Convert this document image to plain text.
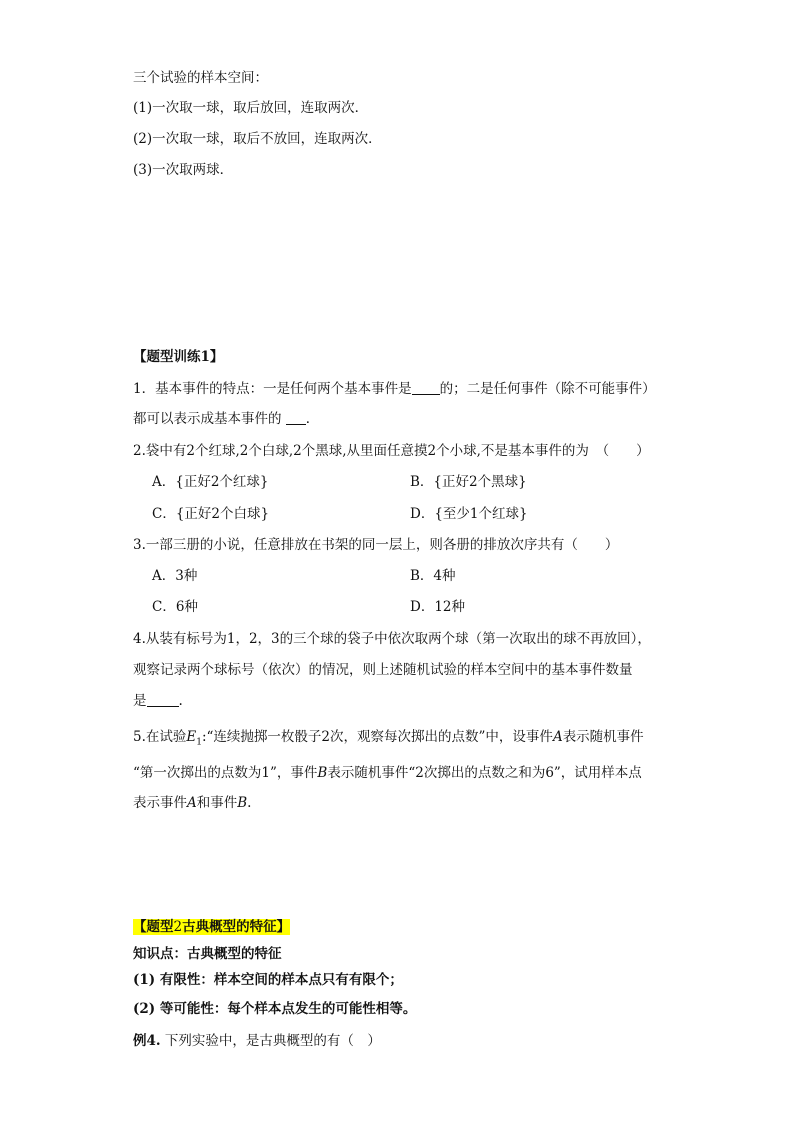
三个试验的样本空间：
(1)一次取一球，取后放回，连取两次．
(2)一次取一球，取后不放回，连取两次．
(3)一次取两球．
【题型训练1】
1．基本事件的特点：一是任何两个基本事件是 的；二是任何事件（除不可能事件）
都可以表示成基本事件的 ．
2.袋中有2个红球,2个白球,2个黑球,从里面任意摸2个小球,不是基本事件的为　（　　）
A．{正好2个红球}	B．{正好2个黑球}
C．{正好2个白球}	D．{至少1个红球}
3.一部三册的小说，任意排放在书架的同一层上，则各册的排放次序共有（　　）
A．3种	B．4种
C．6种	D．12种
4.从装有标号为1，2，3的三个球的袋子中依次取两个球（第一次取出的球不再放回），
观察记录两个球标号（依次）的情况，则上述随机试验的样本空间中的基本事件数量
是 .
5.在试验$E_1:“$连续抛掷一枚骰子2次，观察每次掷出的点数”中，设事件A表示随机事件
“第一次掷出的点数为1”，事件B表示随机事件“2次掷出的点数之和为6”，试用样本点
表示事件A和事件B.
【题型2古典概型的特征】
知识点：古典概型的特征
(1) 有限性：样本空间的样本点只有有限个；
(2) 等可能性：每个样本点发生的可能性相等。
例4. 下列实验中，是古典概型的有（　）
